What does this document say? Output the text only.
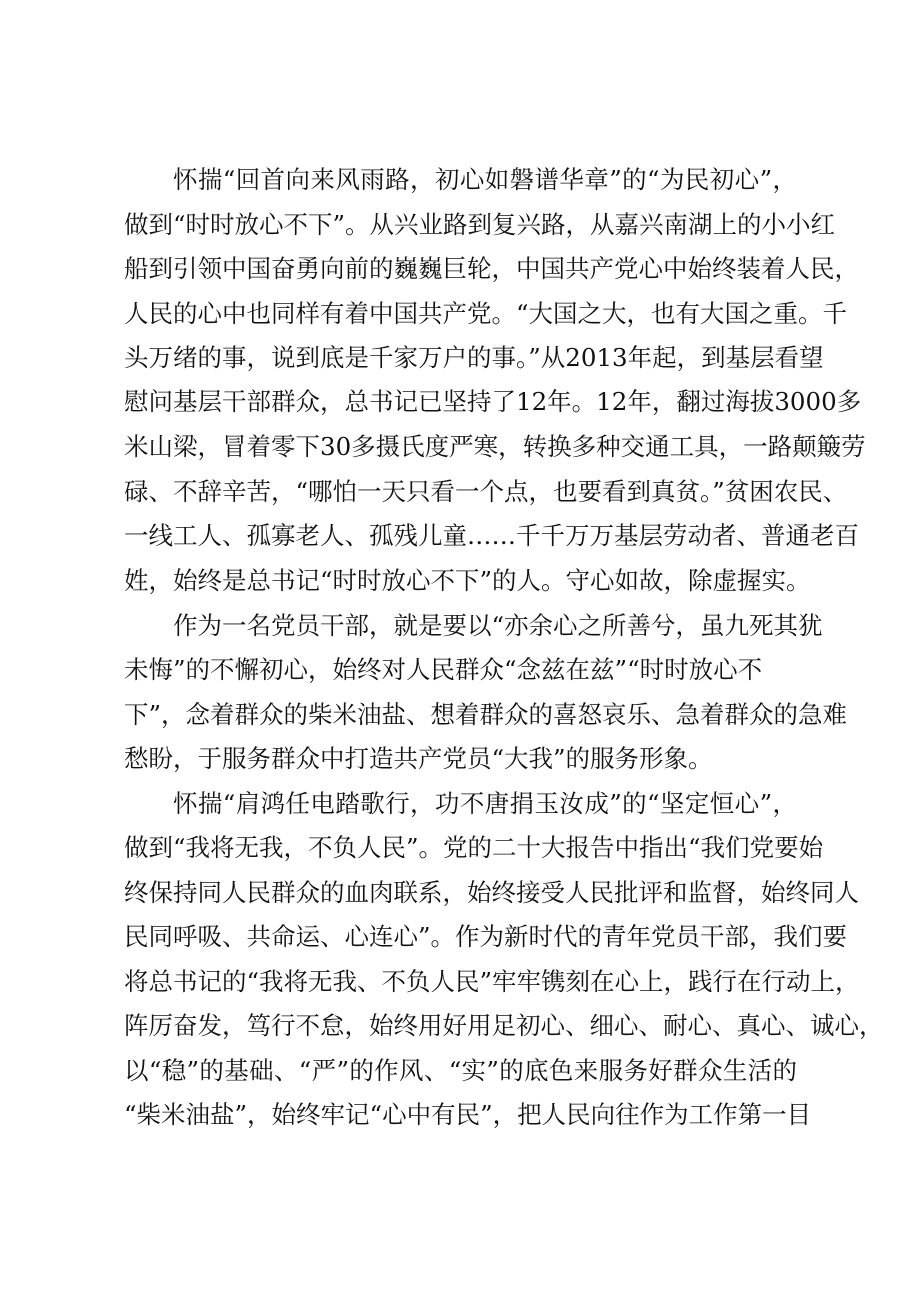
怀揣“回首向来风雨路，初心如磐谱华章”的“为民初心”，
做到“时时放心不下”。从兴业路到复兴路，从嘉兴南湖上的小小红
船到引领中国奋勇向前的巍巍巨轮，中国共产党心中始终装着人民，
人民的心中也同样有着中国共产党。“大国之大，也有大国之重。千
头万绪的事，说到底是千家万户的事。”从2013年起，到基层看望
慰问基层干部群众，总书记已坚持了12年。12年，翻过海拔3000多
米山梁，冒着零下30多摄氏度严寒，转换多种交通工具，一路颠簸劳
碌、不辞辛苦，“哪怕一天只看一个点，也要看到真贫。”贫困农民、
一线工人、孤寡老人、孤残儿童……千千万万基层劳动者、普通老百
姓，始终是总书记“时时放心不下”的人。守心如故，除虚握实。
作为一名党员干部，就是要以“亦余心之所善兮，虽九死其犹
未悔”的不懈初心，始终对人民群众“念兹在兹”“时时放心不
下”，念着群众的柴米油盐、想着群众的喜怒哀乐、急着群众的急难
愁盼，于服务群众中打造共产党员“大我”的服务形象。
怀揣“肩鸿任电踏歌行，功不唐捐玉汝成”的“坚定恒心”，
做到“我将无我，不负人民”。党的二十大报告中指出“我们党要始
终保持同人民群众的血肉联系，始终接受人民批评和监督，始终同人
民同呼吸、共命运、心连心”。作为新时代的青年党员干部，我们要
将总书记的“我将无我、不负人民”牢牢镌刻在心上，践行在行动上，
阵厉奋发，笃行不怠，始终用好用足初心、细心、耐心、真心、诚心，
以“稳”的基础、“严”的作风、“实”的底色来服务好群众生活的
“柴米油盐”，始终牢记“心中有民”，把人民向往作为工作第一目
